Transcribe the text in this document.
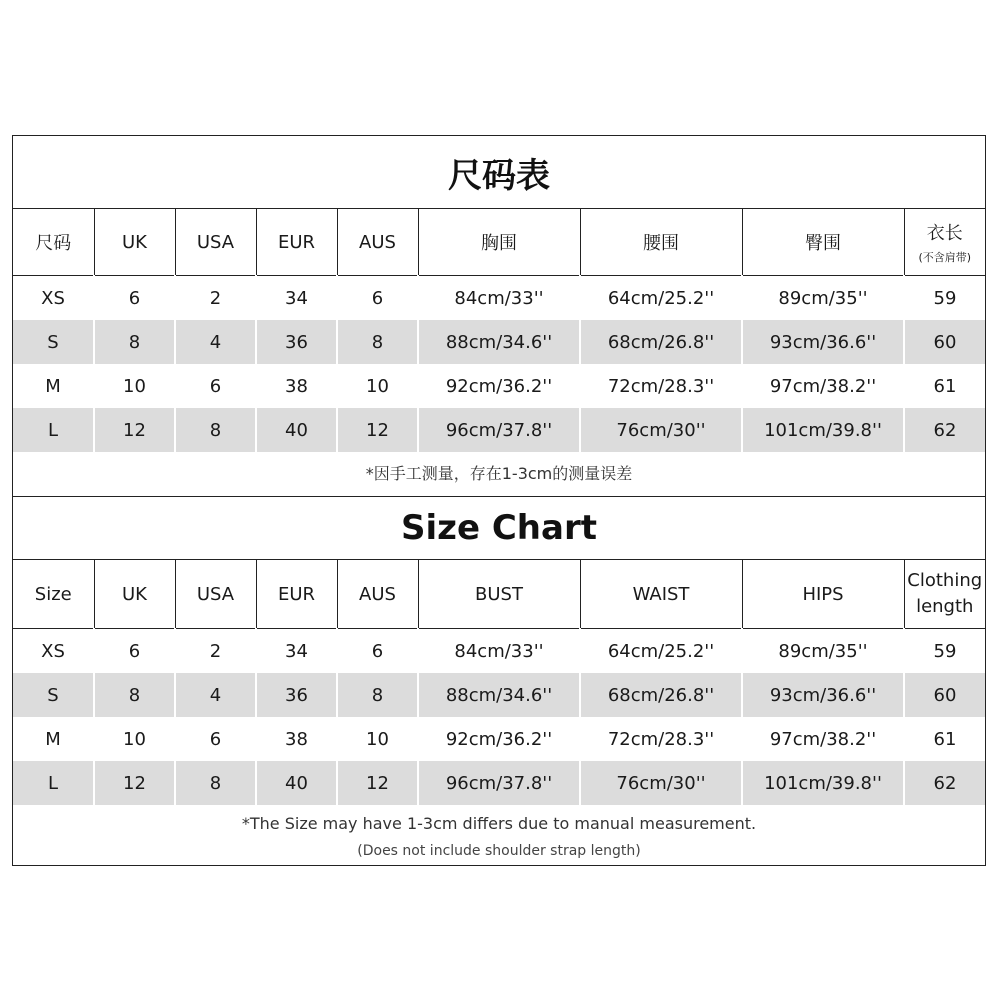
尺码表
尺码	UK	USA	EUR	AUS	胸围	腰围	臀围	衣长
(不含肩带)

XS	6	2	34	6	84cm/33''	64cm/25.2''	89cm/35''	59
S	8	4	36	8	88cm/34.6''	68cm/26.8''	93cm/36.6''	60
M	10	6	38	10	92cm/36.2''	72cm/28.3''	97cm/38.2''	61
L	12	8	40	12	96cm/37.8''	76cm/30''	101cm/39.8''	62
*因手工测量，存在1-3cm的测量误差
Size Chart
Size	UK	USA	EUR	AUS	BUST	WAIST	HIPS	Clothing length
XS	6	2	34	6	84cm/33''	64cm/25.2''	89cm/35''	59
S	8	4	36	8	88cm/34.6''	68cm/26.8''	93cm/36.6''	60
M	10	6	38	10	92cm/36.2''	72cm/28.3''	97cm/38.2''	61
L	12	8	40	12	96cm/37.8''	76cm/30''	101cm/39.8''	62
*The Size may have 1-3cm differs due to manual measurement.
(Does not include shoulder strap length)
